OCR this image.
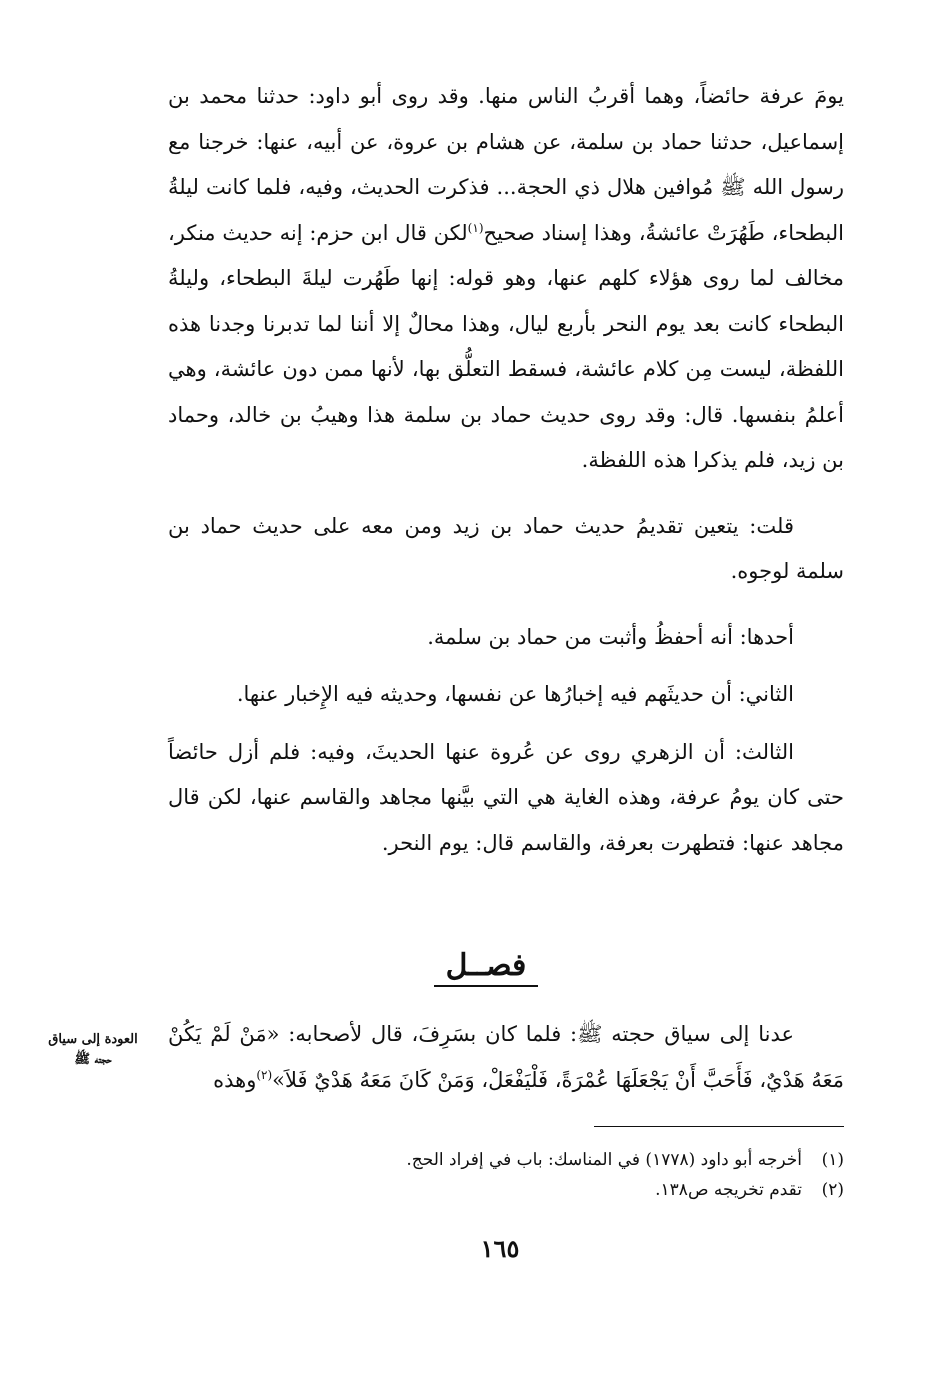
يومَ عرفة حائضاً، وهما أقربُ الناس منها. وقد روى أبو داود: حدثنا محمد بن إسماعيل، حدثنا حماد بن سلمة، عن هشام بن عروة، عن أبيه، عنها: خرجنا مع رسول الله ﷺ مُوافين هلال ذي الحجة... فذكرت الحديث، وفيه، فلما كانت ليلةُ البطحاء، طَهُرَتْ عائشةُ، وهذا إسناد صحيح$^{(١)}$لكن قال ابن حزم: إنه حديث منكر، مخالف لما روى هؤلاء كلهم عنها، وهو قوله: إنها طَهُرت ليلةَ البطحاء، وليلةُ البطحاء كانت بعد يوم النحر بأربع ليال، وهذا محالٌ إلا أننا لما تدبرنا وجدنا هذه اللفظة، ليست مِن كلام عائشة، فسقط التعلُّق بها، لأنها ممن دون عائشة، وهي أعلمُ بنفسها. قال: وقد روى حديث حماد بن سلمة هذا وهيبُ بن خالد، وحماد بن زيد، فلم يذكرا هذه اللفظة.

قلت: يتعين تقديمُ حديث حماد بن زيد ومن معه على حديث حماد بن سلمة لوجوه.

أحدها: أنه أحفظُ وأثبت من حماد بن سلمة.

الثاني: أن حديثَهم فيه إخبارُها عن نفسها، وحديثه فيه الإِخبار عنها.

الثالث: أن الزهري روى عن عُروة عنها الحديثَ، وفيه: فلم أزل حائضاً حتى كان يومُ عرفة، وهذه الغاية هي التي بيَّنها مجاهد والقاسم عنها، لكن قال مجاهد عنها: فتطهرت بعرفة، والقاسم قال: يوم النحر.

فصــل
العودة إلى سياق
حجته ﷺ

عدنا إلى سياق حجته ﷺ: فلما كان بسَرِفَ، قال لأصحابه: «مَنْ لَمْ يَكُنْ مَعَهُ هَدْيٌ، فَأَحَبَّ أَنْ يَجْعَلَهَا عُمْرَةً، فَلْيَفْعَلْ، وَمَنْ كَانَ مَعَهُ هَدْيٌ فَلاَ»$^{(٢)}$وهذه

(١)أخرجه أبو داود (١٧٧٨) في المناسك: باب في إفراد الحج.

(٢)تقدم تخريجه ص١٣٨.

١٦٥
